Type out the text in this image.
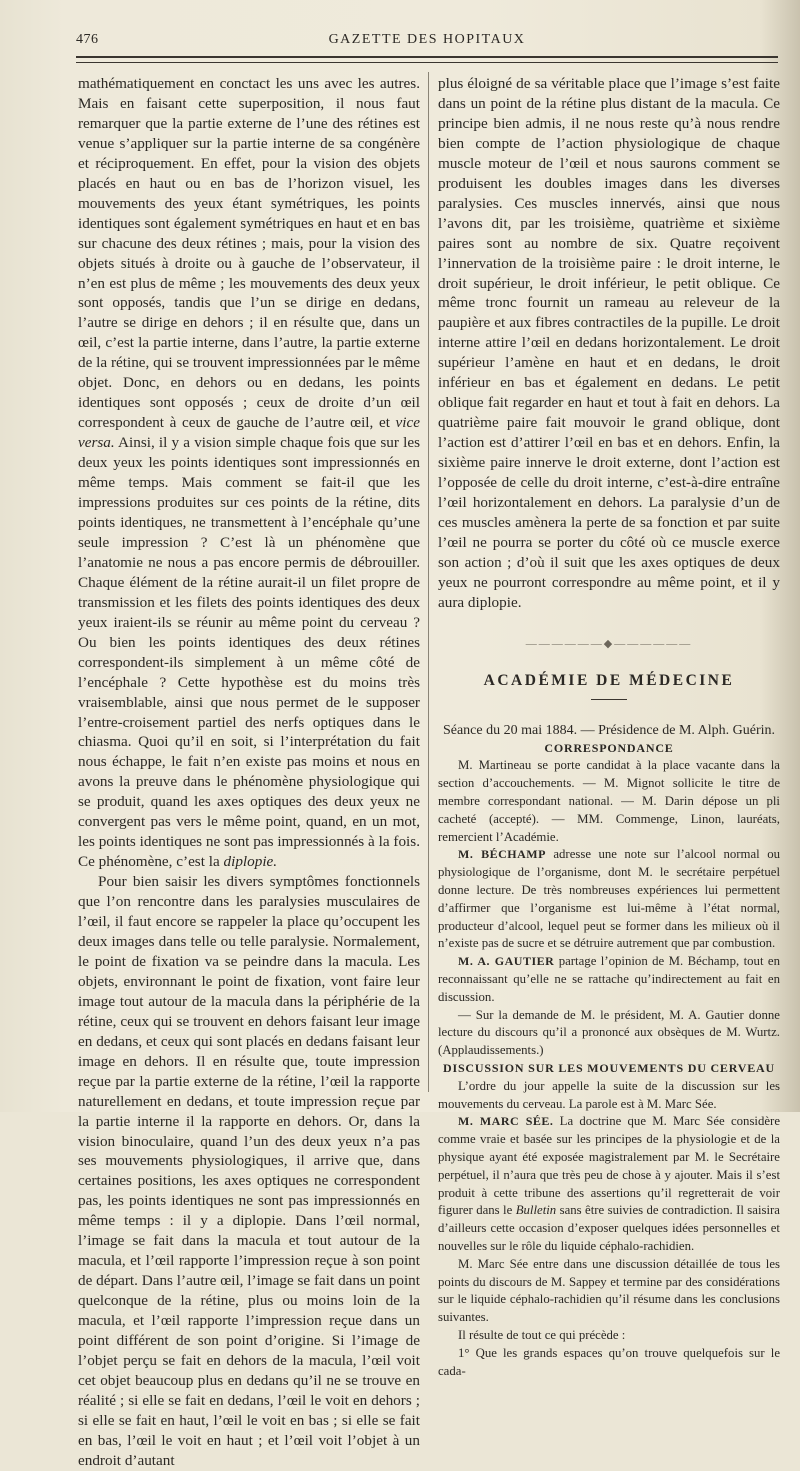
476	GAZETTE DES HOPITAUX

mathématiquement en conctact les uns avec les autres. Mais en faisant cette superposition, il nous faut remarquer que la partie externe de l’une des rétines est venue s’appliquer sur la partie interne de sa congénère et réciproquement. En effet, pour la vision des objets placés en haut ou en bas de l’horizon visuel, les mouvements des yeux étant symétriques, les points identiques sont également symétriques en haut et en bas sur chacune des deux rétines ; mais, pour la vision des objets situés à droite ou à gauche de l’observateur, il n’en est plus de même ; les mouvements des deux yeux sont opposés, tandis que l’un se dirige en dedans, l’autre se dirige en dehors ; il en résulte que, dans un œil, c’est la partie interne, dans l’autre, la partie externe de la rétine, qui se trouvent impressionnées par le même objet. Donc, en dehors ou en dedans, les points identiques sont opposés ; ceux de droite d’un œil correspondent à ceux de gauche de l’autre œil, et vice versa. Ainsi, il y a vision simple chaque fois que sur les deux yeux les points identiques sont impressionnés en même temps. Mais comment se fait-il que les impressions produites sur ces points de la rétine, dits points identiques, ne transmettent à l’encéphale qu’une seule impression ? C’est là un phénomène que l’anatomie ne nous a pas encore permis de débrouiller. Chaque élément de la rétine aurait-il un filet propre de transmission et les filets des points identiques des deux yeux iraient-ils se réunir au même point du cerveau ? Ou bien les points identiques des deux rétines correspondent-ils simplement à un même côté de l’encéphale ? Cette hypothèse est du moins très vraisemblable, ainsi que nous permet de le supposer l’entre-croisement partiel des nerfs optiques dans le chiasma. Quoi qu’il en soit, si l’interprétation du fait nous échappe, le fait n’en existe pas moins et nous en avons la preuve dans le phénomène physiologique qui se produit, quand les axes optiques des deux yeux ne convergent pas vers le même point, quand, en un mot, les points identiques ne sont pas impressionnés à la fois. Ce phénomène, c’est la diplopie.

Pour bien saisir les divers symptômes fonctionnels que l’on rencontre dans les paralysies musculaires de l’œil, il faut encore se rappeler la place qu’occupent les deux images dans telle ou telle paralysie. Normalement, le point de fixation va se peindre dans la macula. Les objets, environnant le point de fixation, vont faire leur image tout autour de la macula dans la périphérie de la rétine, ceux qui se trouvent en dehors faisant leur image en dedans, et ceux qui sont placés en dedans faisant leur image en dehors. Il en résulte que, toute impression reçue par la partie externe de la rétine, l’œil la rapporte naturellement en dedans, et toute impression reçue par la partie interne il la rapporte en dehors. Or, dans la vision binoculaire, quand l’un des deux yeux n’a pas ses mouvements physiologiques, il arrive que, dans certaines positions, les axes optiques ne correspondent pas, les points identiques ne sont pas impressionnés en même temps : il y a diplopie. Dans l’œil normal, l’image se fait dans la macula et tout autour de la macula, et l’œil rapporte l’impression reçue à son point de départ. Dans l’autre œil, l’image se fait dans un point quelconque de la rétine, plus ou moins loin de la macula, et l’œil rapporte l’impression reçue dans un point différent de son point d’origine. Si l’image de l’objet perçu se fait en dehors de la macula, l’œil voit cet objet beaucoup plus en dedans qu’il ne se trouve en réalité ; si elle se fait en dedans, l’œil le voit en dehors ; si elle se fait en haut, l’œil le voit en bas ; si elle se fait en bas, l’œil le voit en haut ; et l’œil voit l’objet à un endroit d’autant

plus éloigné de sa véritable place que l’image s’est faite dans un point de la rétine plus distant de la macula. Ce principe bien admis, il ne nous reste qu’à nous rendre bien compte de l’action physiologique de chaque muscle moteur de l’œil et nous saurons comment se produisent les doubles images dans les diverses paralysies. Ces muscles innervés, ainsi que nous l’avons dit, par les troisième, quatrième et sixième paires sont au nombre de six. Quatre reçoivent l’innervation de la troisième paire : le droit interne, le droit supérieur, le droit inférieur, le petit oblique. Ce même tronc fournit un rameau au releveur de la paupière et aux fibres contractiles de la pupille. Le droit interne attire l’œil en dedans horizontalement. Le droit supérieur l’amène en haut et en dedans, le droit inférieur en bas et également en dedans. Le petit oblique fait regarder en haut et tout à fait en dehors. La quatrième paire fait mouvoir le grand oblique, dont l’action est d’attirer l’œil en bas et en dehors. Enfin, la sixième paire innerve le droit externe, dont l’action est l’opposée de celle du droit interne, c’est-à-dire entraîne l’œil horizontalement en dehors. La paralysie d’un de ces muscles amènera la perte de sa fonction et par suite l’œil ne pourra se porter du côté où ce muscle exerce son action ; d’où il suit que les axes optiques de deux yeux ne pourront correspondre au même point, et il y aura diplopie.

——————◆——————

ACADÉMIE DE MÉDECINE

Séance du 20 mai 1884. — Présidence de M. Alph. Guérin.

CORRESPONDANCE

M. Martineau se porte candidat à la place vacante dans la section d’accouchements. — M. Mignot sollicite le titre de membre correspondant national. — M. Darin dépose un pli cacheté (accepté). — MM. Commenge, Linon, lauréats, remercient l’Académie.

M. BÉCHAMP adresse une note sur l’alcool normal ou physiologique de l’organisme, dont M. le secrétaire perpétuel donne lecture. De très nombreuses expériences lui permettent d’affirmer que l’organisme est lui-même à l’état normal, producteur d’alcool, lequel peut se former dans les milieux où il n’existe pas de sucre et se détruire autrement que par combustion.

M. A. GAUTIER partage l’opinion de M. Béchamp, tout en reconnaissant qu’elle ne se rattache qu’indirectement au fait en discussion.

— Sur la demande de M. le président, M. A. Gautier donne lecture du discours qu’il a prononcé aux obsèques de M. Wurtz. (Applaudissements.)

DISCUSSION SUR LES MOUVEMENTS DU CERVEAU

L’ordre du jour appelle la suite de la discussion sur les mouvements du cerveau. La parole est à M. Marc Sée.

M. MARC SÉE. La doctrine que M. Marc Sée considère comme vraie et basée sur les principes de la physiologie et de la physique ayant été exposée magistralement par M. le Secrétaire perpétuel, il n’aura que très peu de chose à y ajouter. Mais il s’est produit à cette tribune des assertions qu’il regretterait de voir figurer dans le Bulletin sans être suivies de contradiction. Il saisira d’ailleurs cette occasion d’exposer quelques idées personnelles et nouvelles sur le rôle du liquide céphalo-rachidien.

M. Marc Sée entre dans une discussion détaillée de tous les points du discours de M. Sappey et termine par des considérations sur le liquide céphalo-rachidien qu’il résume dans les conclusions suivantes.

Il résulte de tout ce qui précède :

1° Que les grands espaces qu’on trouve quelquefois sur le cada-
